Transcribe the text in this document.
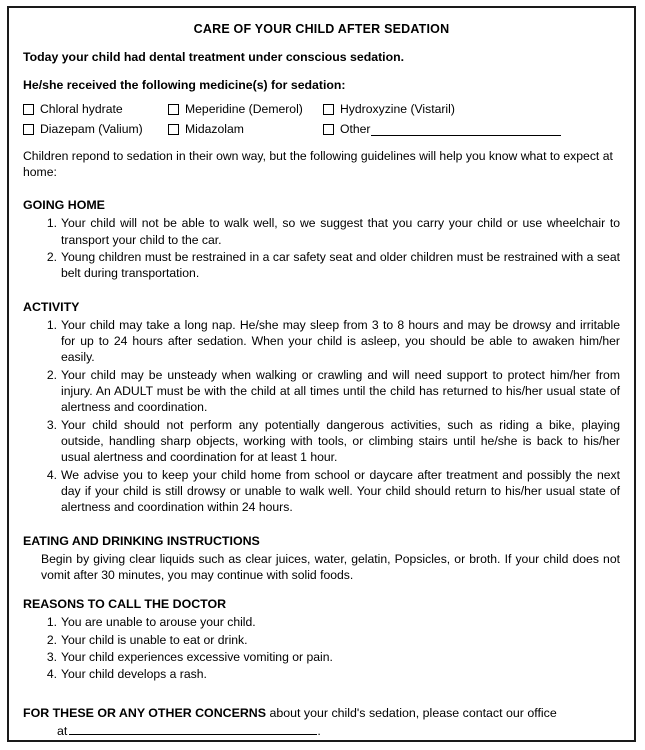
CARE OF YOUR CHILD AFTER SEDATION
Today your child had dental treatment under conscious sedation.
He/she received the following medicine(s) for sedation:
Chloral hydrate	Meperidine (Demerol)	Hydroxyzine (Vistaril)
Diazepam (Valium)	Midazolam	Other
Children repond to sedation in their own way, but the following guidelines will help you know what to expect at home:
GOING HOME
1. Your child will not be able to walk well, so we suggest that you carry your child or use wheelchair to transport your child to the car.
2. Young children must be restrained in a car safety seat and older children must be restrained with a seat belt during transportation.
ACTIVITY
1. Your child may take a long nap. He/she may sleep from 3 to 8 hours and may be drowsy and irritable for up to 24 hours after sedation. When your child is asleep, you should be able to awaken him/her easily.
2. Your child may be unsteady when walking or crawling and will need support to protect him/her from injury. An ADULT must be with the child at all times until the child has returned to his/her usual state of alertness and coordination.
3. Your child should not perform any potentially dangerous activities, such as riding a bike, playing outside, handling sharp objects, working with tools, or climbing stairs until he/she is back to his/her usual alertness and coordination for at least 1 hour.
4. We advise you to keep your child home from school or daycare after treatment and possibly the next day if your child is still drowsy or unable to walk well. Your child should return to his/her usual state of alertness and coordination within 24 hours.
EATING AND DRINKING INSTRUCTIONS
Begin by giving clear liquids such as clear juices, water, gelatin, Popsicles, or broth. If your child does not vomit after 30 minutes, you may continue with solid foods.
REASONS TO CALL THE DOCTOR
1. You are unable to arouse your child.
2. Your child is unable to eat or drink.
3. Your child experiences excessive vomiting or pain.
4. Your child develops a rash.
FOR THESE OR ANY OTHER CONCERNS about your child's sedation, please contact our office
at	.
